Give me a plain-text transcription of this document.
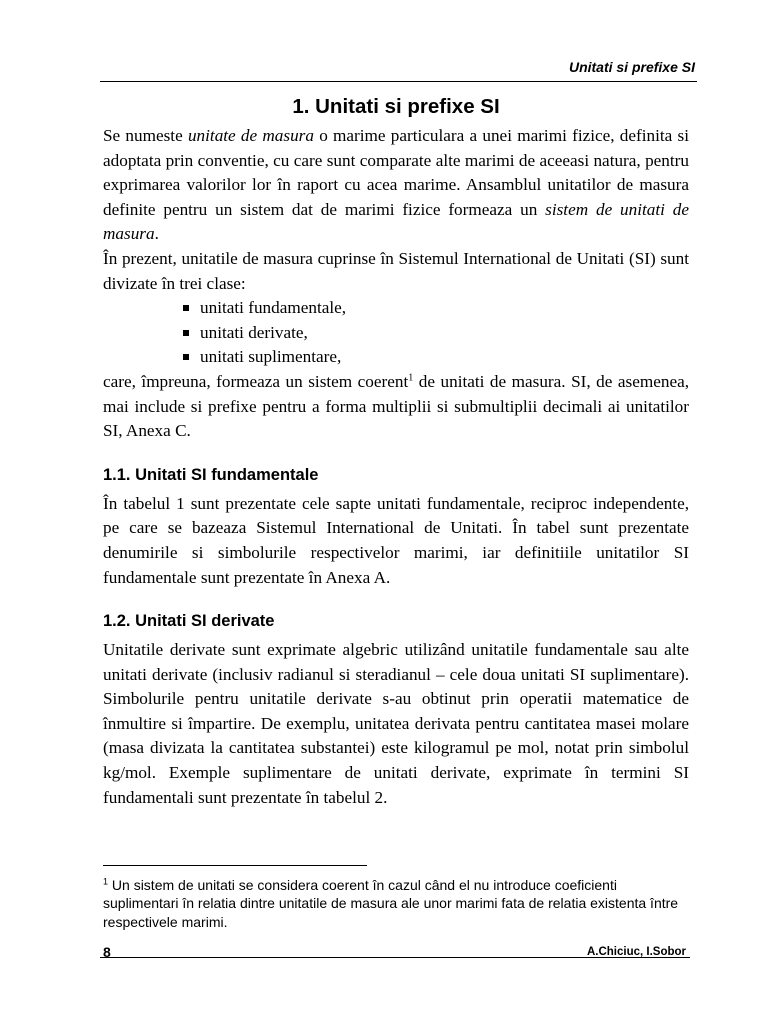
Unitati si prefixe SI
1. Unitati si prefixe SI

Se numeste unitate de masura o marime particulara a unei marimi fizice, definita si adoptata prin conventie, cu care sunt comparate alte marimi de aceeasi natura, pentru exprimarea valorilor lor în raport cu acea marime. Ansamblul unitatilor de masura definite pentru un sistem dat de marimi fizice formeaza un sistem de unitati de masura.

În prezent, unitatile de masura cuprinse în Sistemul International de Unitati (SI) sunt divizate în trei clase:

unitati fundamentale,
unitati derivate,
unitati suplimentare,

care, împreuna, formeaza un sistem coerent$^1$ de unitati de masura. SI, de asemenea, mai include si prefixe pentru a forma multiplii si submultiplii decimali ai unitatilor SI, Anexa C.

1.1. Unitati SI fundamentale

În tabelul 1 sunt prezentate cele sapte unitati fundamentale, reciproc independente, pe care se bazeaza Sistemul International de Unitati. În tabel sunt prezentate denumirile si simbolurile respectivelor marimi, iar definitiile unitatilor SI fundamentale sunt prezentate în Anexa A.

1.2. Unitati SI derivate

Unitatile derivate sunt exprimate algebric utilizând unitatile fundamentale sau alte unitati derivate (inclusiv radianul si steradianul – cele doua unitati SI suplimentare). Simbolurile pentru unitatile derivate s-au obtinut prin operatii matematice de înmultire si împartire. De exemplu, unitatea derivata pentru cantitatea masei molare (masa divizata la cantitatea substantei) este kilogramul pe mol, notat prin simbolul kg/mol. Exemple suplimentare de unitati derivate, exprimate în termini SI fundamentali sunt prezentate în tabelul 2.

$^1$ Un sistem de unitati se considera coerent în cazul când el nu introduce coeficienti suplimentari în relatia dintre unitatile de masura ale unor marimi fata de relatia existenta între respectivele marimi.
8	A.Chiciuc, I.Sobor
